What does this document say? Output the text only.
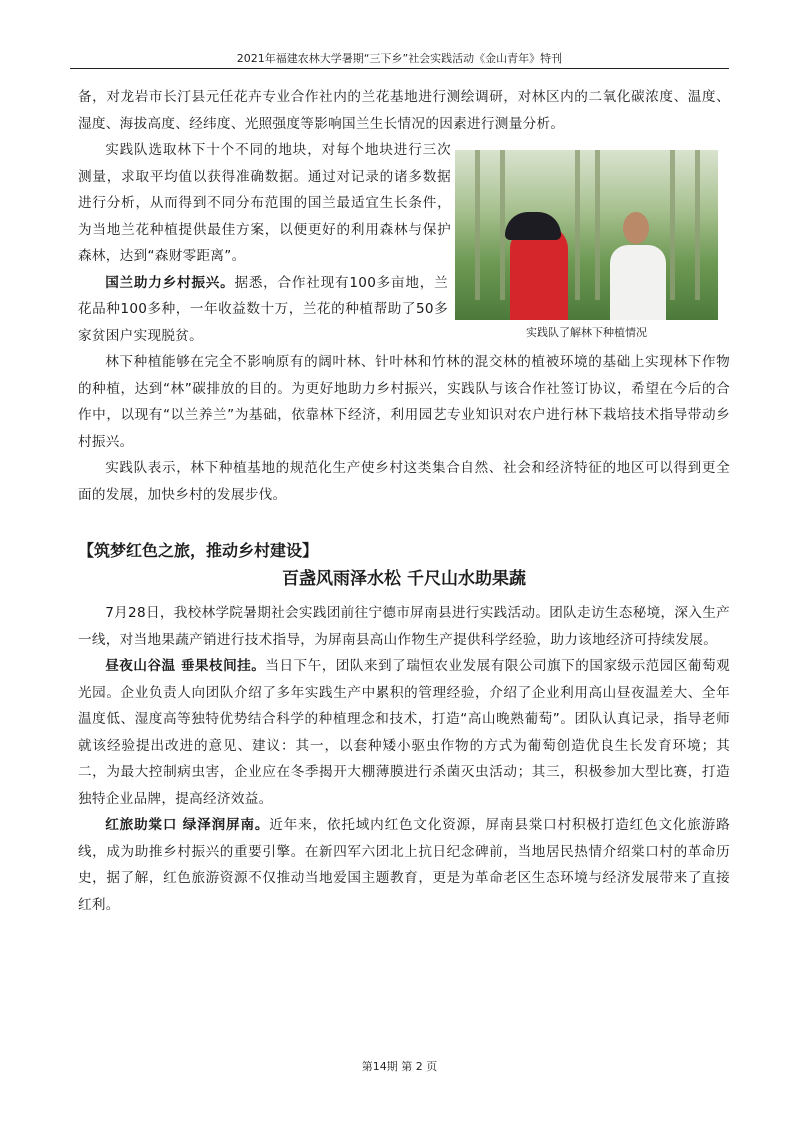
2021年福建农林大学暑期“三下乡”社会实践活动《金山青年》特刊
实践队了解林下种植情况

备，对龙岩市长汀县元任花卉专业合作社内的兰花基地进行测绘调研，对林区内的二氧化碳浓度、温度、湿度、海拔高度、经纬度、光照强度等影响国兰生长情况的因素进行测量分析。

实践队选取林下十个不同的地块，对每个地块进行三次测量，求取平均值以获得准确数据。通过对记录的诸多数据进行分析，从而得到不同分布范围的国兰最适宜生长条件，为当地兰花种植提供最佳方案，以便更好的利用森林与保护森林，达到“森财零距离”。

国兰助力乡村振兴。据悉，合作社现有100多亩地，兰花品种100多种，一年收益数十万，兰花的种植帮助了50多家贫困户实现脱贫。

林下种植能够在完全不影响原有的阔叶林、针叶林和竹林的混交林的植被环境的基础上实现林下作物的种植，达到“林”碳排放的目的。为更好地助力乡村振兴，实践队与该合作社签订协议，希望在今后的合作中，以现有“以兰养兰”为基础，依靠林下经济，利用园艺专业知识对农户进行林下栽培技术指导带动乡村振兴。

实践队表示，林下种植基地的规范化生产使乡村这类集合自然、社会和经济特征的地区可以得到更全面的发展，加快乡村的发展步伐。

【筑梦红色之旅，推动乡村建设】
百盏风雨泽水松 千尺山水助果蔬

7月28日，我校林学院暑期社会实践团前往宁德市屏南县进行实践活动。团队走访生态秘境，深入生产一线，对当地果蔬产销进行技术指导，为屏南县高山作物生产提供科学经验，助力该地经济可持续发展。

昼夜山谷温 垂果枝间挂。当日下午，团队来到了瑞恒农业发展有限公司旗下的国家级示范园区葡萄观光园。企业负责人向团队介绍了多年实践生产中累积的管理经验，介绍了企业利用高山昼夜温差大、全年温度低、湿度高等独特优势结合科学的种植理念和技术，打造“高山晚熟葡萄”。团队认真记录，指导老师就该经验提出改进的意见、建议：其一，以套种矮小驱虫作物的方式为葡萄创造优良生长发育环境；其二，为最大控制病虫害，企业应在冬季揭开大棚薄膜进行杀菌灭虫活动；其三，积极参加大型比赛，打造独特企业品牌，提高经济效益。

红旅助棠口 绿泽润屏南。近年来，依托域内红色文化资源，屏南县棠口村积极打造红色文化旅游路线，成为助推乡村振兴的重要引擎。在新四军六团北上抗日纪念碑前，当地居民热情介绍棠口村的革命历史，据了解，红色旅游资源不仅推动当地爱国主题教育，更是为革命老区生态环境与经济发展带来了直接红利。

第14期 第 2 页
